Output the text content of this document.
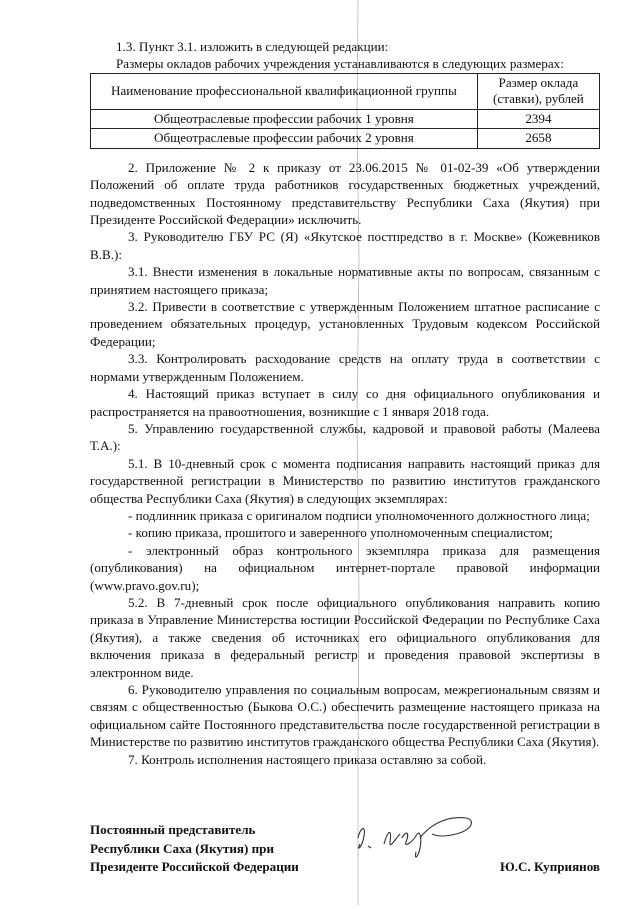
1.3. Пункт 3.1. изложить в следующей редакции:

Размеры окладов рабочих учреждения устанавливаются в следующих размерах:

Наименование профессиональной квалификационной группы	Размер оклада (ставки), рублей
Общеотраслевые профессии рабочих 1 уровня	2394
Общеотраслевые профессии рабочих 2 уровня	2658

2. Приложение № 2 к приказу от 23.06.2015 № 01-02-39 «Об утверждении Положений об оплате труда работников государственных бюджетных учреждений, подведомственных Постоянному представительству Республики Саха (Якутия) при Президенте Российской Федерации» исключить.

3. Руководителю ГБУ РС (Я) «Якутское постпредство в г. Москве» (Кожевников В.В.):

3.1. Внести изменения в локальные нормативные акты по вопросам, связанным с принятием настоящего приказа;

3.2. Привести в соответствие с утвержденным Положением штатное расписание с проведением обязательных процедур, установленных Трудовым кодексом Российской Федерации;

3.3. Контролировать расходование средств на оплату труда в соответствии с нормами утвержденным Положением.

4. Настоящий приказ вступает в силу со дня официального опубликования и распространяется на правоотношения, возникшие с 1 января 2018 года.

5. Управлению государственной службы, кадровой и правовой работы (Малеева Т.А.):

5.1. В 10-дневный срок с момента подписания направить настоящий приказ для государственной регистрации в Министерство по развитию институтов гражданского общества Республики Саха (Якутия) в следующих экземплярах:

- подлинник приказа с оригиналом подписи уполномоченного должностного лица;

- копию приказа, прошитого и заверенного уполномоченным специалистом;

- электронный образ контрольного экземпляра приказа для размещения (опубликования) на официальном интернет-портале правовой информации (www.pravo.gov.ru);

5.2. В 7-дневный срок после официального опубликования направить копию приказа в Управление Министерства юстиции Российской Федерации по Республике Саха (Якутия), а также сведения об источниках его официального опубликования для включения приказа в федеральный регистр и проведения правовой экспертизы в электронном виде.

6. Руководителю управления по социальным вопросам, межрегиональным связям и связям с общественностью (Быкова О.С.) обеспечить размещение настоящего приказа на официальном сайте Постоянного представительства после государственной регистрации в Министерстве по развитию институтов гражданского общества Республики Саха (Якутия).

7. Контроль исполнения настоящего приказа оставляю за собой.

Постоянный представитель
Республики Саха (Якутия) при
Президенте Российской Федерации	Ю.С. Куприянов
